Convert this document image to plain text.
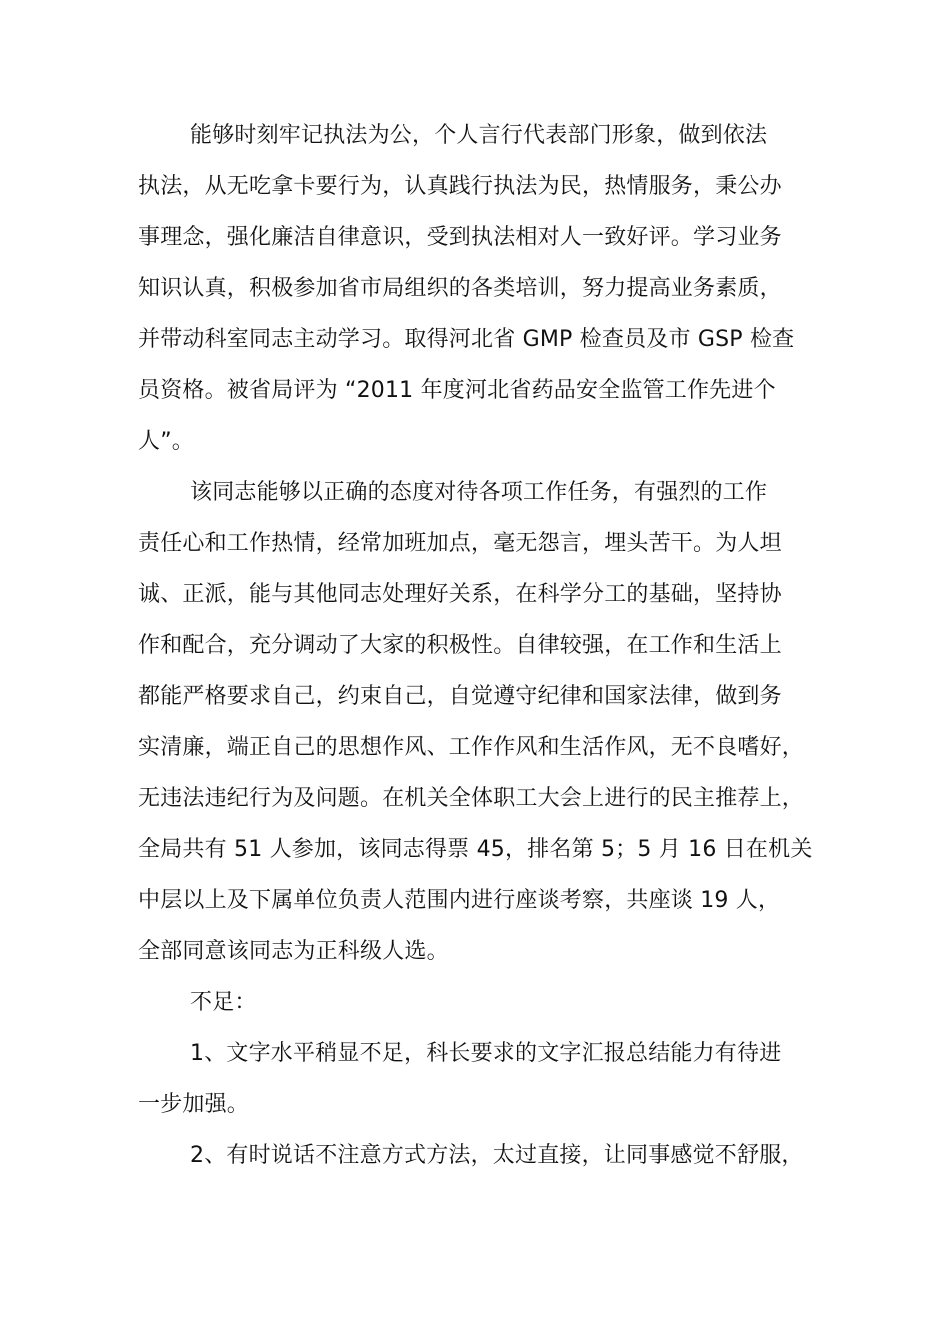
能够时刻牢记执法为公，个人言行代表部门形象，做到依法
执法，从无吃拿卡要行为，认真践行执法为民，热情服务，秉公办
事理念，强化廉洁自律意识，受到执法相对人一致好评。学习业务
知识认真，积极参加省市局组织的各类培训，努力提高业务素质，
并带动科室同志主动学习。取得河北省 GMP 检查员及市 GSP 检查
员资格。被省局评为 “2011 年度河北省药品安全监管工作先进个
人”。
该同志能够以正确的态度对待各项工作任务，有强烈的工作
责任心和工作热情，经常加班加点，毫无怨言，埋头苦干。为人坦
诚、正派，能与其他同志处理好关系，在科学分工的基础，坚持协
作和配合，充分调动了大家的积极性。自律较强，在工作和生活上
都能严格要求自己，约束自己，自觉遵守纪律和国家法律，做到务
实清廉，端正自己的思想作风、工作作风和生活作风，无不良嗜好，
无违法违纪行为及问题。在机关全体职工大会上进行的民主推荐上，
全局共有 51 人参加，该同志得票 45，排名第 5；5 月 16 日在机关
中层以上及下属单位负责人范围内进行座谈考察，共座谈 19 人，
全部同意该同志为正科级人选。
不足：
1、文字水平稍显不足，科长要求的文字汇报总结能力有待进
一步加强。
2、有时说话不注意方式方法，太过直接，让同事感觉不舒服，
